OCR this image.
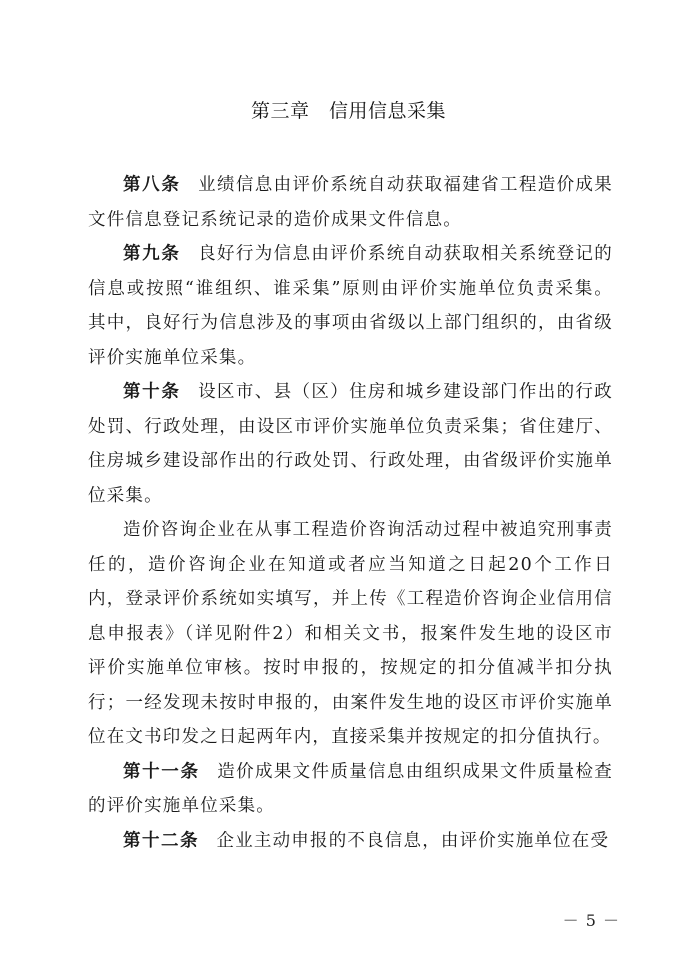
第三章　信用信息采集

第八条 业绩信息由评价系统自动获取福建省工程造价成果文件信息登记系统记录的造价成果文件信息。

第九条 良好行为信息由评价系统自动获取相关系统登记的信息或按照“谁组织、谁采集”原则由评价实施单位负责采集。其中，良好行为信息涉及的事项由省级以上部门组织的，由省级评价实施单位采集。

第十条 设区市、县（区）住房和城乡建设部门作出的行政处罚、行政处理，由设区市评价实施单位负责采集；省住建厅、住房城乡建设部作出的行政处罚、行政处理，由省级评价实施单位采集。

造价咨询企业在从事工程造价咨询活动过程中被追究刑事责任的，造价咨询企业在知道或者应当知道之日起20个工作日内，登录评价系统如实填写，并上传《工程造价咨询企业信用信息申报表》（详见附件2）和相关文书，报案件发生地的设区市评价实施单位审核。按时申报的，按规定的扣分值减半扣分执行；一经发现未按时申报的，由案件发生地的设区市评价实施单位在文书印发之日起两年内，直接采集并按规定的扣分值执行。

第十一条 造价成果文件质量信息由组织成果文件质量检查的评价实施单位采集。

第十二条 企业主动申报的不良信息，由评价实施单位在受

－ 5 －
